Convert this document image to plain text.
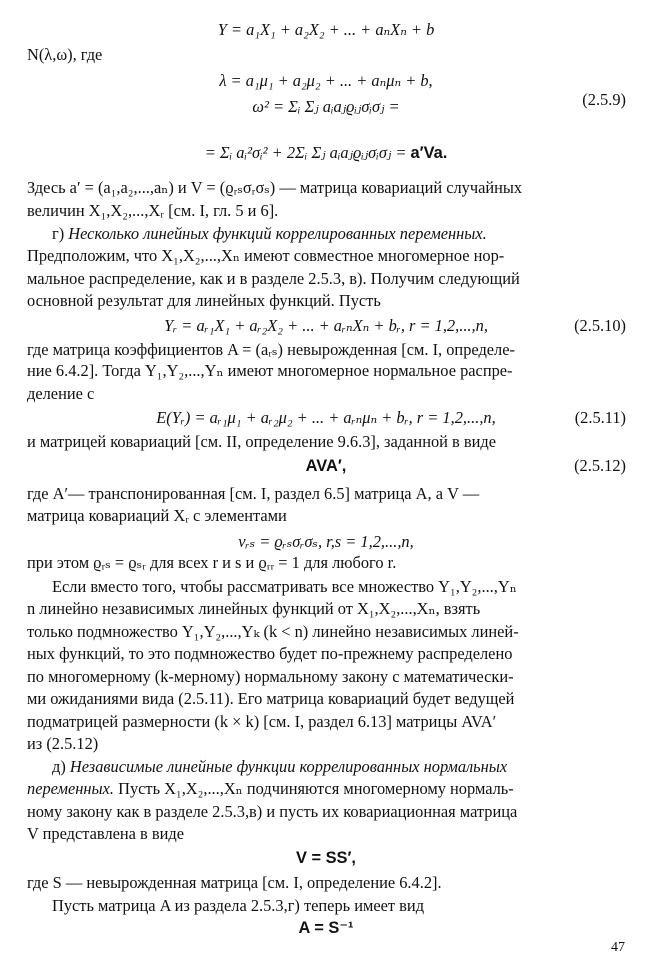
Y = a₁X₁ + a₂X₂ + ... + aₙXₙ + b
N(λ,ω), где
λ = a₁μ₁ + a₂μ₂ + ... + aₙμₙ + b,
ω² = Σᵢ Σⱼ aᵢaⱼϱᵢⱼσᵢσⱼ =	(2.5.9)
= Σᵢ aᵢ²σᵢ² + 2Σᵢ Σⱼ aᵢaⱼϱᵢⱼσᵢσⱼ = a′Va.
Здесь a′ = (a₁,a₂,...,aₙ) и V = (ϱᵣₛσᵣσₛ) — матрица ковариаций случайных
величин X₁,X₂,...,Xᵣ [см. I, гл. 5 и 6].
г) Несколько линейных функций коррелированных переменных.
Предположим, что X₁,X₂,...,Xₙ имеют совместное многомерное нор-
мальное распределение, как и в разделе 2.5.3, в). Получим следующий
основной результат для линейных функций. Пусть
Yᵣ = aᵣ₁X₁ + aᵣ₂X₂ + ... + aᵣₙXₙ + bᵣ, r = 1,2,...,n,	(2.5.10)
где матрица коэффициентов A = (aᵣₛ) невырожденная [см. I, определе-
ние 6.4.2]. Тогда Y₁,Y₂,...,Yₙ имеют многомерное нормальное распре-
деление с
E(Yᵣ) = aᵣ₁μ₁ + aᵣ₂μ₂ + ... + aᵣₙμₙ + bᵣ, r = 1,2,...,n,	(2.5.11)
и матрицей ковариаций [см. II, определение 9.6.3], заданной в виде
AVA′,	(2.5.12)
где A′— транспонированная [см. I, раздел 6.5] матрица A, а V —
матрица ковариаций Xᵣ с элементами
vᵣₛ = ϱᵣₛσᵣσₛ, r,s = 1,2,...,n,
при этом ϱᵣₛ = ϱₛᵣ для всех r и s и ϱᵣᵣ = 1 для любого r.
Если вместо того, чтобы рассматривать все множество Y₁,Y₂,...,Yₙ
n линейно независимых линейных функций от X₁,X₂,...,Xₙ, взять
только подмножество Y₁,Y₂,...,Yₖ (k < n) линейно независимых линей-
ных функций, то это подмножество будет по-прежнему распределено
по многомерному (k-мерному) нормальному закону с математически-
ми ожиданиями вида (2.5.11). Его матрица ковариаций будет ведущей
подматрицей размерности (k × k) [см. I, раздел 6.13] матрицы AVA′
из (2.5.12)
д) Независимые линейные функции коррелированных нормальных
переменных. Пусть X₁,X₂,...,Xₙ подчиняются многомерному нормаль-
ному закону как в разделе 2.5.3,в) и пусть их ковариационная матрица
V представлена в виде
V = SS′,
где S — невырожденная матрица [см. I, определение 6.4.2].
Пусть матрица A из раздела 2.5.3,г) теперь имеет вид
A = S⁻¹
47
